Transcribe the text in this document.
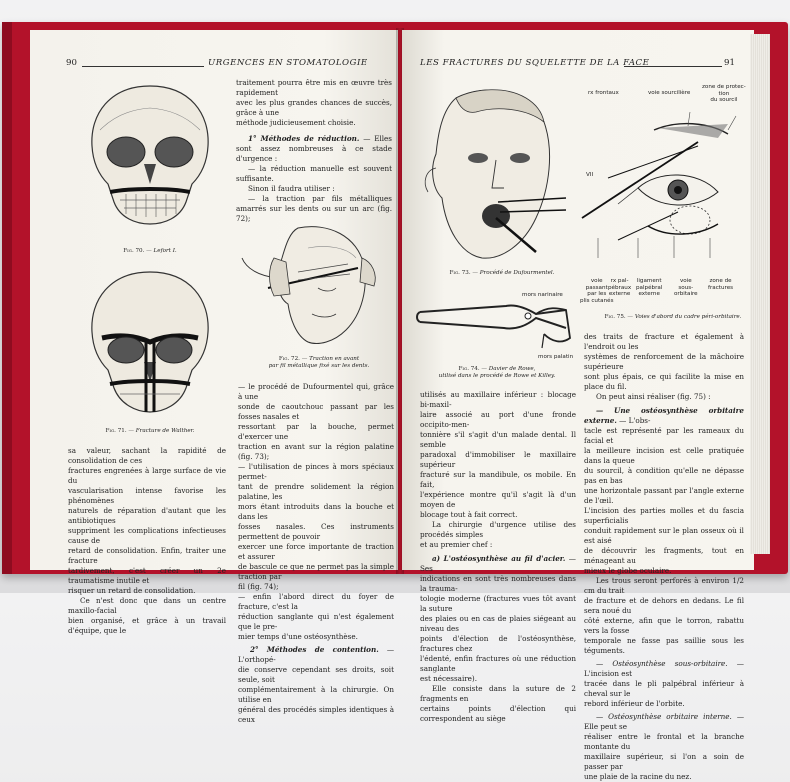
90	URGENCES EN STOMATOLOGIE
Fig. 70. — Lefort I.
Fig. 71. — Fracture de Walther.
Fig. 72. — Traction en avant
par fil métallique fixé sur les dents.

traitement pourra être mis en œuvre très rapidement

avec les plus grandes chances de succès, grâce à une

méthode judicieusement choisie.

1° Méthodes de réduction. — Elles sont assez nombreuses à ce stade d'urgence :

— la réduction manuelle est souvent suffisante.

Sinon il faudra utiliser :

— la traction par fils métalliques amarrés sur les dents ou sur un arc (fig. 72);

— le procédé de Dufourmentel qui, grâce à une

sonde de caoutchouc passant par les fosses nasales et

ressortant par la bouche, permet d'exercer une

traction en avant sur la région palatine (fig. 73);

— l'utilisation de pinces à mors spéciaux permet-

tant de prendre solidement la région palatine, les

mors étant introduits dans la bouche et dans les

fosses nasales. Ces instruments permettent de pouvoir

exercer une force importante de traction et assurer

de bascule ce que ne permet pas la simple traction par

fil (fig. 74);

— enfin l'abord direct du foyer de fracture, c'est la

réduction sanglante qui n'est également que le pre-

mier temps d'une ostéosynthèse.

2° Méthodes de contention. — L'orthopé-

die conserve cependant ses droits, soit seule, soit

complémentairement à la chirurgie. On utilise en

général des procédés simples identiques à ceux

sa valeur, sachant la rapidité de consolidation de ces

fractures engrenées à large surface de vie du

vascularisation intense favorise les phénomènes

naturels de réparation d'autant que les antibiotiques

suppriment les complications infectieuses cause de

retard de consolidation. Enfin, traiter une fracture

tardivement, c'est créer un 2e traumatisme inutile et

risquer un retard de consolidation.

Ce n'est donc que dans un centre maxillo-facial

bien organisé, et grâce à un travail d'équipe, que le

LES FRACTURES DU SQUELETTE DE LA FACE	91
Fig. 73. — Procédé de Dufourmentel.
mors narinaire
mors palatin
Fig. 74. — Davier de Rowe,
utilisé dans le procédé de Rowe et Killey.
rx frontaux	voie sourcilière
zone de protec-
tion
du sourcil
VII
voie
passant
par les
plis cutanés
rx pal-
pébraux
externe
ligament
palpébral
externe
voie
sous-
orbitaire
zone de
fractures
Fig. 75. — Voies d'abord du cadre péri-orbitaire.

utilisés au maxillaire inférieur : blocage bi-maxil-

laire associé au port d'une fronde occipito-men-

tonnière s'il s'agit d'un malade dental. Il semble

paradoxal d'immobiliser le maxillaire supérieur

fracturé sur la mandibule, os mobile. En fait,

l'expérience montre qu'il s'agit là d'un moyen de

blocage tout à fait correct.

La chirurgie d'urgence utilise des procédés simples

et au premier chef :

a) L'ostéosynthèse au fil d'acier. — Ses

indications en sont très nombreuses dans la trauma-

tologie moderne (fractures vues tôt avant la suture

des plaies ou en cas de plaies siégeant au niveau des

points d'élection de l'ostéosynthèse, fractures chez

l'édenté, enfin fractures où une réduction sanglante

est nécessaire).

Elle consiste dans la suture de 2 fragments en

certains points d'élection qui correspondent au siège

des traits de fracture et également à l'endroit ou les

systèmes de renforcement de la mâchoire supérieure

sont plus épais, ce qui facilite la mise en place du fil.

On peut ainsi réaliser (fig. 75) :

— Une ostéosynthèse orbitaire externe. — L'obs-

tacle est représenté par les rameaux du facial et

la meilleure incision est celle pratiquée dans la queue

du sourcil, à condition qu'elle ne dépasse pas en bas

une horizontale passant par l'angle externe de l'œil.

L'incision des parties molles et du fascia superficialis

conduit rapidement sur le plan osseux où il est aisé

de découvrir les fragments, tout en ménageant au

mieux le globe oculaire.

Les trous seront perforés à environ 1/2 cm du trait

de fracture et de dehors en dedans. Le fil sera noué du

côté externe, afin que le torron, rabattu vers la fosse

temporale ne fasse pas saillie sous les téguments.

— Ostéosynthèse sous-orbitaire. — L'incision est

tracée dans le pli palpébral inférieur à cheval sur le

rebord inférieur de l'orbite.

— Ostéosynthèse orbitaire interne. — Elle peut se

réaliser entre le frontal et la branche montante du

maxillaire supérieur, si l'on a soin de passer par

une plaie de la racine du nez.
